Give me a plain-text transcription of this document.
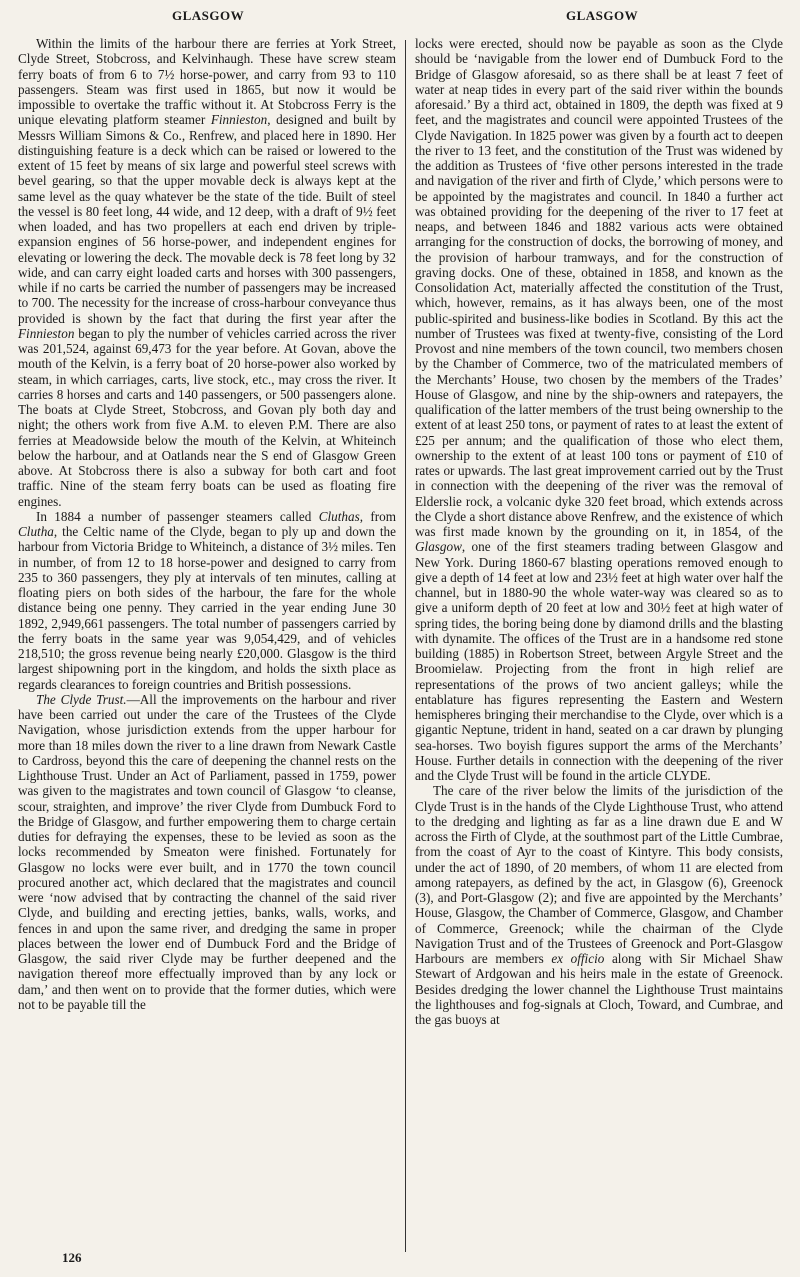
GLASGOW	GLASGOW

Within the limits of the harbour there are ferries at York Street, Clyde Street, Stobcross, and Kelvinhaugh. These have screw steam ferry boats of from 6 to 7½ horse-power, and carry from 93 to 110 passengers. Steam was first used in 1865, but now it would be impossible to overtake the traffic without it. At Stobcross Ferry is the unique elevating platform steamer Finnieston, designed and built by Messrs William Simons & Co., Renfrew, and placed here in 1890. Her distinguishing feature is a deck which can be raised or lowered to the extent of 15 feet by means of six large and powerful steel screws with bevel gearing, so that the upper movable deck is always kept at the same level as the quay whatever be the state of the tide. Built of steel the vessel is 80 feet long, 44 wide, and 12 deep, with a draft of 9½ feet when loaded, and has two propellers at each end driven by triple-expansion engines of 56 horse-power, and independent engines for elevating or lowering the deck. The movable deck is 78 feet long by 32 wide, and can carry eight loaded carts and horses with 300 passengers, while if no carts be carried the number of passengers may be increased to 700. The necessity for the increase of cross-harbour conveyance thus provided is shown by the fact that during the first year after the Finnieston began to ply the number of vehicles carried across the river was 201,524, against 69,473 for the year before. At Govan, above the mouth of the Kelvin, is a ferry boat of 20 horse-power also worked by steam, in which carriages, carts, live stock, etc., may cross the river. It carries 8 horses and carts and 140 passengers, or 500 passengers alone. The boats at Clyde Street, Stobcross, and Govan ply both day and night; the others work from five A.M. to eleven P.M. There are also ferries at Meadowside below the mouth of the Kelvin, at Whiteinch below the harbour, and at Oatlands near the S end of Glasgow Green above. At Stobcross there is also a subway for both cart and foot traffic. Nine of the steam ferry boats can be used as floating fire engines.

In 1884 a number of passenger steamers called Cluthas, from Clutha, the Celtic name of the Clyde, began to ply up and down the harbour from Victoria Bridge to Whiteinch, a distance of 3½ miles. Ten in number, of from 12 to 18 horse-power and designed to carry from 235 to 360 passengers, they ply at intervals of ten minutes, calling at floating piers on both sides of the harbour, the fare for the whole distance being one penny. They carried in the year ending June 30 1892, 2,949,661 passengers. The total number of passengers carried by the ferry boats in the same year was 9,054,429, and of vehicles 218,510; the gross revenue being nearly £20,000. Glasgow is the third largest shipowning port in the kingdom, and holds the sixth place as regards clearances to foreign countries and British possessions.

The Clyde Trust.—All the improvements on the harbour and river have been carried out under the care of the Trustees of the Clyde Navigation, whose jurisdiction extends from the upper harbour for more than 18 miles down the river to a line drawn from Newark Castle to Cardross, beyond this the care of deepening the channel rests on the Lighthouse Trust. Under an Act of Parliament, passed in 1759, power was given to the magistrates and town council of Glasgow ‘to cleanse, scour, straighten, and improve’ the river Clyde from Dumbuck Ford to the Bridge of Glasgow, and further empowering them to charge certain duties for defraying the expenses, these to be levied as soon as the locks recommended by Smeaton were finished. Fortunately for Glasgow no locks were ever built, and in 1770 the town council procured another act, which declared that the magistrates and council were ‘now advised that by contracting the channel of the said river Clyde, and building and erecting jetties, banks, walls, works, and fences in and upon the same river, and dredging the same in proper places between the lower end of Dumbuck Ford and the Bridge of Glasgow, the said river Clyde may be further deepened and the navigation thereof more effectually improved than by any lock or dam,’ and then went on to provide that the former duties, which were not to be payable till the

locks were erected, should now be payable as soon as the Clyde should be ‘navigable from the lower end of Dumbuck Ford to the Bridge of Glasgow aforesaid, so as there shall be at least 7 feet of water at neap tides in every part of the said river within the bounds aforesaid.’ By a third act, obtained in 1809, the depth was fixed at 9 feet, and the magistrates and council were appointed Trustees of the Clyde Navigation. In 1825 power was given by a fourth act to deepen the river to 13 feet, and the constitution of the Trust was widened by the addition as Trustees of ‘five other persons interested in the trade and navigation of the river and firth of Clyde,’ which persons were to be appointed by the magistrates and council. In 1840 a further act was obtained providing for the deepening of the river to 17 feet at neaps, and between 1846 and 1882 various acts were obtained arranging for the construction of docks, the borrowing of money, and the provision of harbour tramways, and for the construction of graving docks. One of these, obtained in 1858, and known as the Consolidation Act, materially affected the constitution of the Trust, which, however, remains, as it has always been, one of the most public-spirited and business-like bodies in Scotland. By this act the number of Trustees was fixed at twenty-five, consisting of the Lord Provost and nine members of the town council, two members chosen by the Chamber of Commerce, two of the matriculated members of the Merchants’ House, two chosen by the members of the Trades’ House of Glasgow, and nine by the ship-owners and ratepayers, the qualification of the latter members of the trust being ownership to the extent of at least 250 tons, or payment of rates to at least the extent of £25 per annum; and the qualification of those who elect them, ownership to the extent of at least 100 tons or payment of £10 of rates or upwards. The last great improvement carried out by the Trust in connection with the deepening of the river was the removal of Elderslie rock, a volcanic dyke 320 feet broad, which extends across the Clyde a short distance above Renfrew, and the existence of which was first made known by the grounding on it, in 1854, of the Glasgow, one of the first steamers trading between Glasgow and New York. During 1860-67 blasting operations removed enough to give a depth of 14 feet at low and 23½ feet at high water over half the channel, but in 1880-90 the whole water-way was cleared so as to give a uniform depth of 20 feet at low and 30½ feet at high water of spring tides, the boring being done by diamond drills and the blasting with dynamite. The offices of the Trust are in a handsome red stone building (1885) in Robertson Street, between Argyle Street and the Broomielaw. Projecting from the front in high relief are representations of the prows of two ancient galleys; while the entablature has figures representing the Eastern and Western hemispheres bringing their merchandise to the Clyde, over which is a gigantic Neptune, trident in hand, seated on a car drawn by plunging sea-horses. Two boyish figures support the arms of the Merchants’ House. Further details in connection with the deepening of the river and the Clyde Trust will be found in the article CLYDE.

The care of the river below the limits of the jurisdiction of the Clyde Trust is in the hands of the Clyde Lighthouse Trust, who attend to the dredging and lighting as far as a line drawn due E and W across the Firth of Clyde, at the southmost part of the Little Cumbrae, from the coast of Ayr to the coast of Kintyre. This body consists, under the act of 1890, of 20 members, of whom 11 are elected from among ratepayers, as defined by the act, in Glasgow (6), Greenock (3), and Port-Glasgow (2); and five are appointed by the Merchants’ House, Glasgow, the Chamber of Commerce, Glasgow, and Chamber of Commerce, Greenock; while the chairman of the Clyde Navigation Trust and of the Trustees of Greenock and Port-Glasgow Harbours are members ex officio along with Sir Michael Shaw Stewart of Ardgowan and his heirs male in the estate of Greenock. Besides dredging the lower channel the Lighthouse Trust maintains the lighthouses and fog-signals at Cloch, Toward, and Cumbrae, and the gas buoys at

126
